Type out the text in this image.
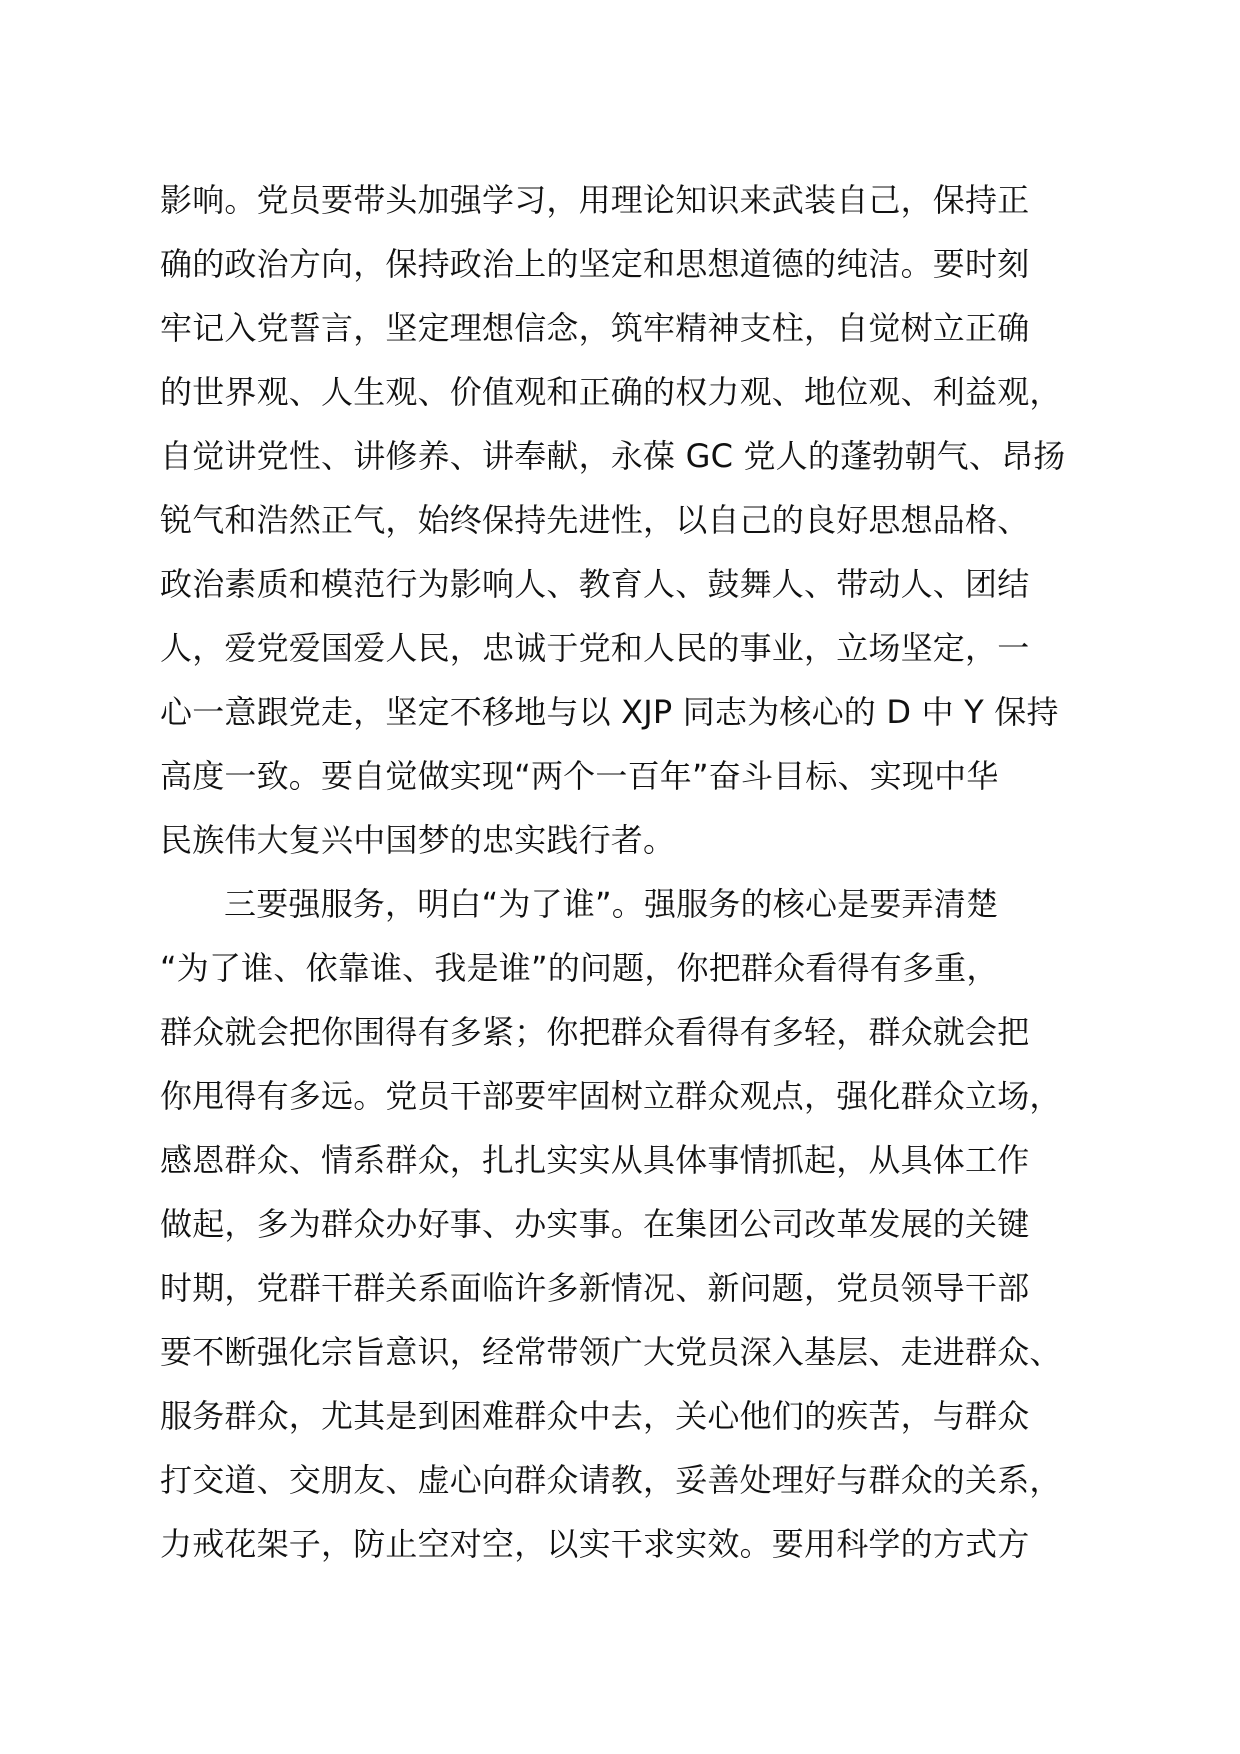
影响。党员要带头加强学习，用理论知识来武装自己，保持正
确的政治方向，保持政治上的坚定和思想道德的纯洁。要时刻
牢记入党誓言，坚定理想信念，筑牢精神支柱，自觉树立正确
的世界观、人生观、价值观和正确的权力观、地位观、利益观，
自觉讲党性、讲修养、讲奉献，永葆 GC 党人的蓬勃朝气、昂扬
锐气和浩然正气，始终保持先进性，以自己的良好思想品格、
政治素质和模范行为影响人、教育人、鼓舞人、带动人、团结
人，爱党爱国爱人民，忠诚于党和人民的事业，立场坚定，一
心一意跟党走，坚定不移地与以 XJP 同志为核心的 D 中 Y 保持
高度一致。要自觉做实现“两个一百年”奋斗目标、实现中华
民族伟大复兴中国梦的忠实践行者。
三要强服务，明白“为了谁”。强服务的核心是要弄清楚
“为了谁、依靠谁、我是谁”的问题，你把群众看得有多重，
群众就会把你围得有多紧；你把群众看得有多轻，群众就会把
你甩得有多远。党员干部要牢固树立群众观点，强化群众立场，
感恩群众、情系群众，扎扎实实从具体事情抓起，从具体工作
做起，多为群众办好事、办实事。在集团公司改革发展的关键
时期，党群干群关系面临许多新情况、新问题，党员领导干部
要不断强化宗旨意识，经常带领广大党员深入基层、走进群众、
服务群众，尤其是到困难群众中去，关心他们的疾苦，与群众
打交道、交朋友、虚心向群众请教，妥善处理好与群众的关系，
力戒花架子，防止空对空，以实干求实效。要用科学的方式方
